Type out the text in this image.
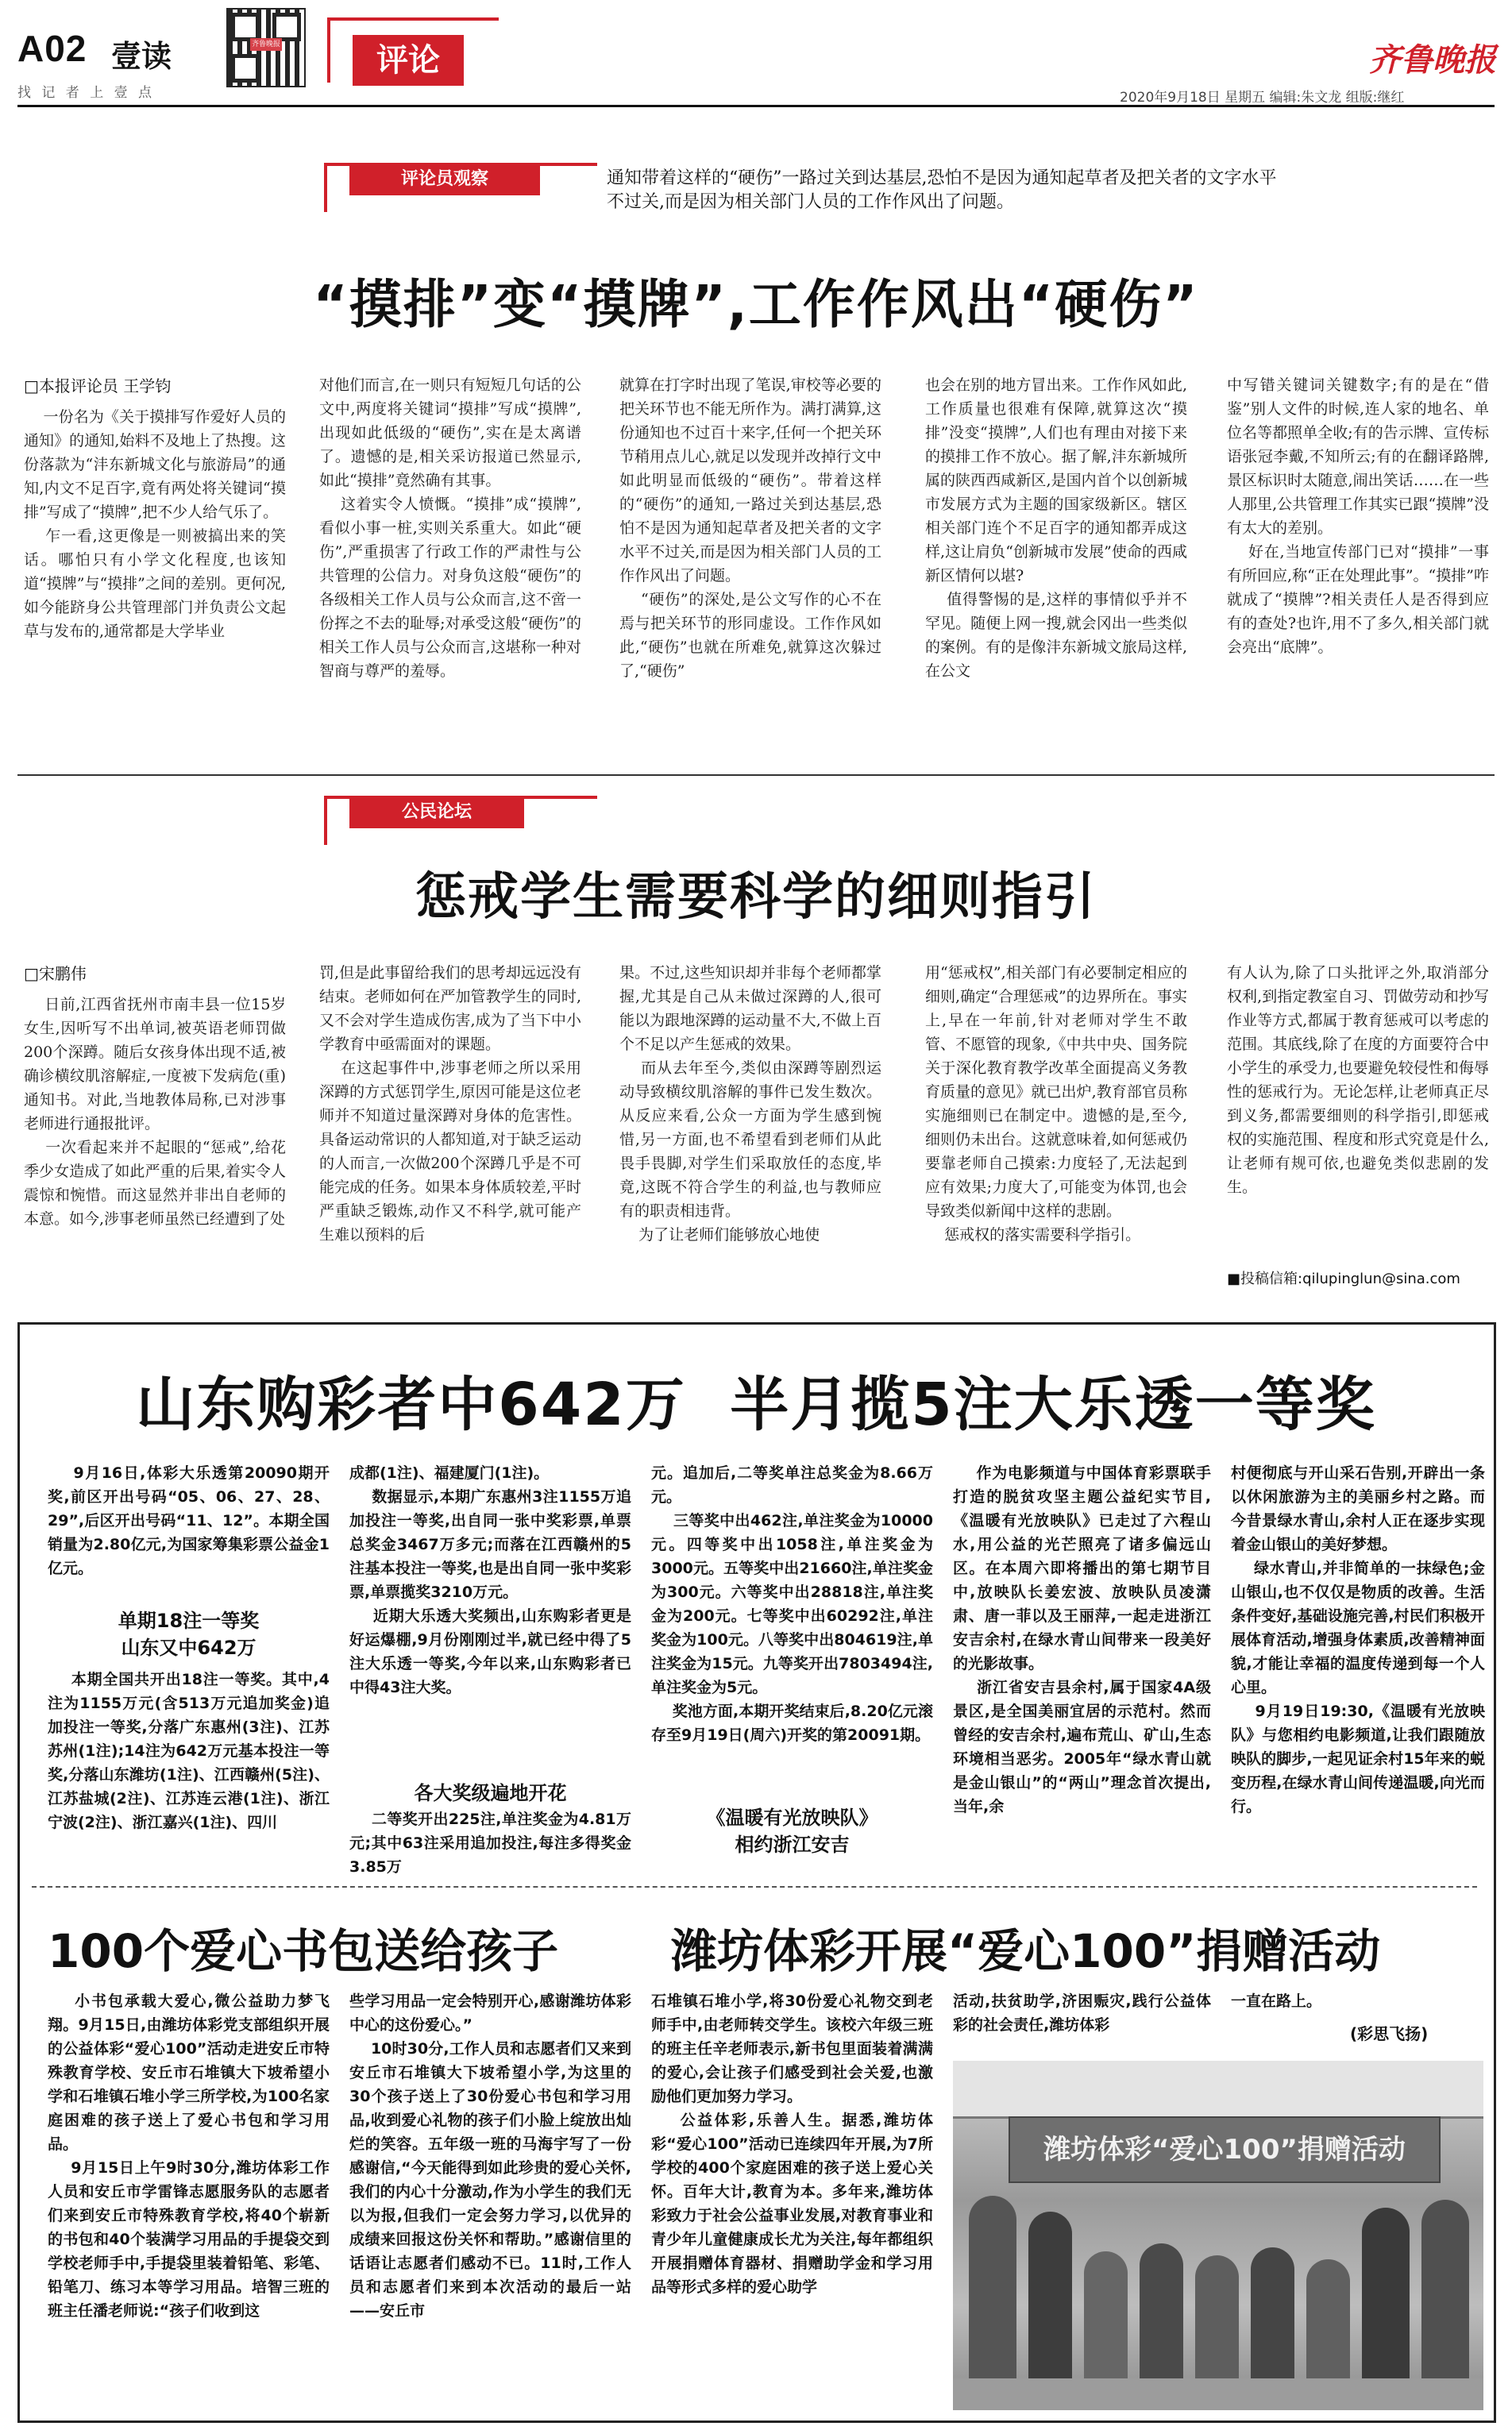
A02 壹读
找 记 者 上 壹 点
齐鲁晚报	评论	齐鲁晚报
2020年9月18日 星期五 编辑:朱文龙 组版:继红
评论员观察	通知带着这样的“硬伤”一路过关到达基层,恐怕不是因为通知起草者及把关者的文字水平不过关,而是因为相关部门人员的工作作风出了问题。
“摸排”变“摸牌”,工作作风出“硬伤”
□本报评论员 王学钧
一份名为《关于摸排写作爱好人员的通知》的通知,始料不及地上了热搜。这份落款为“沣东新城文化与旅游局”的通知,内文不足百字,竟有两处将关键词“摸排”写成了“摸牌”,把不少人给气乐了。
乍一看,这更像是一则被搞出来的笑话。哪怕只有小学文化程度,也该知道“摸牌”与“摸排”之间的差别。更何况,如今能跻身公共管理部门并负责公文起草与发布的,通常都是大学毕业
对他们而言,在一则只有短短几句话的公文中,两度将关键词“摸排”写成“摸牌”,出现如此低级的“硬伤”,实在是太离谱了。遗憾的是,相关采访报道已然显示,如此“摸排”竟然确有其事。
这着实令人愤慨。“摸排”成“摸牌”,看似小事一桩,实则关系重大。如此“硬伤”,严重损害了行政工作的严肃性与公共管理的公信力。对身负这般“硬伤”的各级相关工作人员与公众而言,这不啻一份挥之不去的耻辱;对承受这般“硬伤”的相关工作人员与公众而言,这堪称一种对智商与尊严的羞辱。
就算在打字时出现了笔误,审校等必要的把关环节也不能无所作为。满打满算,这份通知也不过百十来字,任何一个把关环节稍用点儿心,就足以发现并改掉行文中如此明显而低级的“硬伤”。带着这样的“硬伤”的通知,一路过关到达基层,恐怕不是因为通知起草者及把关者的文字水平不过关,而是因为相关部门人员的工作作风出了问题。
“硬伤”的深处,是公文写作的心不在焉与把关环节的形同虚设。工作作风如此,“硬伤”也就在所难免,就算这次躲过了,“硬伤”
也会在别的地方冒出来。工作作风如此,工作质量也很难有保障,就算这次“摸排”没变“摸牌”,人们也有理由对接下来的摸排工作不放心。据了解,沣东新城所属的陕西西咸新区,是国内首个以创新城市发展方式为主题的国家级新区。辖区相关部门连个不足百字的通知都弄成这样,这让肩负“创新城市发展”使命的西咸新区情何以堪?
值得警惕的是,这样的事情似乎并不罕见。随便上网一搜,就会冈出一些类似的案例。有的是像沣东新城文旅局这样,在公文
中写错关键词关键数字;有的是在“借鉴”别人文件的时候,连人家的地名、单位名等都照单全收;有的告示牌、宣传标语张冠李戴,不知所云;有的在翻译路牌,景区标识时太随意,闹出笑话……在一些人那里,公共管理工作其实已跟“摸牌”没有太大的差别。
好在,当地宣传部门已对“摸排”一事有所回应,称“正在处理此事”。“摸排”咋就成了“摸牌”?相关责任人是否得到应有的查处?也许,用不了多久,相关部门就会亮出“底牌”。
公民论坛
惩戒学生需要科学的细则指引
□宋鹏伟
日前,江西省抚州市南丰县一位15岁女生,因听写不出单词,被英语老师罚做200个深蹲。随后女孩身体出现不适,被确诊横纹肌溶解症,一度被下发病危(重)通知书。对此,当地教体局称,已对涉事老师进行通报批评。
一次看起来并不起眼的“惩戒”,给花季少女造成了如此严重的后果,着实令人震惊和惋惜。而这显然并非出自老师的本意。如今,涉事老师虽然已经遭到了处
罚,但是此事留给我们的思考却远远没有结束。老师如何在严加管教学生的同时,又不会对学生造成伤害,成为了当下中小学教育中亟需面对的课题。
在这起事件中,涉事老师之所以采用深蹲的方式惩罚学生,原因可能是这位老师并不知道过量深蹲对身体的危害性。具备运动常识的人都知道,对于缺乏运动的人而言,一次做200个深蹲几乎是不可能完成的任务。如果本身体质较差,平时严重缺乏锻炼,动作又不科学,就可能产生难以预料的后
果。不过,这些知识却并非每个老师都掌握,尤其是自己从未做过深蹲的人,很可能以为跟地深蹲的运动量不大,不做上百个不足以产生惩戒的效果。
而从去年至今,类似由深蹲等剧烈运动导致横纹肌溶解的事件已发生数次。从反应来看,公众一方面为学生感到惋惜,另一方面,也不希望看到老师们从此畏手畏脚,对学生们采取放任的态度,毕竟,这既不符合学生的利益,也与教师应有的职责相违背。
为了让老师们能够放心地使
用“惩戒权”,相关部门有必要制定相应的细则,确定“合理惩戒”的边界所在。事实上,早在一年前,针对老师对学生不敢管、不愿管的现象,《中共中央、国务院关于深化教育教学改革全面提高义务教育质量的意见》就已出炉,教育部官员称实施细则已在制定中。遗憾的是,至今,细则仍未出台。这就意味着,如何惩戒仍要靠老师自己摸索:力度轻了,无法起到应有效果;力度大了,可能变为体罚,也会导致类似新闻中这样的悲剧。
惩戒权的落实需要科学指引。
有人认为,除了口头批评之外,取消部分权利,到指定教室自习、罚做劳动和抄写作业等方式,都属于教育惩戒可以考虑的范围。其底线,除了在度的方面要符合中小学生的承受力,也要避免较侵性和侮辱性的惩戒行为。无论怎样,让老师真正尽到义务,都需要细则的科学指引,即惩戒权的实施范围、程度和形式究竟是什么,让老师有规可依,也避免类似悲剧的发生。
■投稿信箱:qilupinglun@sina.com
山东购彩者中642万  半月揽5注大乐透一等奖
9月16日,体彩大乐透第20090期开奖,前区开出号码“05、06、27、28、29”,后区开出号码“11、12”。本期全国销量为2.80亿元,为国家筹集彩票公益金1亿元。
单期18注一等奖
山东又中642万
本期全国共开出18注一等奖。其中,4注为1155万元(含513万元追加奖金)追加投注一等奖,分落广东惠州(3注)、江苏苏州(1注);14注为642万元基本投注一等奖,分落山东潍坊(1注)、江西赣州(5注)、江苏盐城(2注)、江苏连云港(1注)、浙江宁波(2注)、浙江嘉兴(1注)、四川
成都(1注)、福建厦门(1注)。
数据显示,本期广东惠州3注1155万追加投注一等奖,出自同一张中奖彩票,单票总奖金3467万多元;而落在江西赣州的5注基本投注一等奖,也是出自同一张中奖彩票,单票揽奖3210万元。
近期大乐透大奖频出,山东购彩者更是好运爆棚,9月份刚刚过半,就已经中得了5注大乐透一等奖,今年以来,山东购彩者已中得43注大奖。
各大奖级遍地开花
二等奖开出225注,单注奖金为4.81万元;其中63注采用追加投注,每注多得奖金3.85万
元。追加后,二等奖单注总奖金为8.66万元。
三等奖中出462注,单注奖金为10000元。四等奖中出1058注,单注奖金为3000元。五等奖中出21660注,单注奖金为300元。六等奖中出28818注,单注奖金为200元。七等奖中出60292注,单注奖金为100元。八等奖中出804619注,单注奖金为15元。九等奖开出7803494注,单注奖金为5元。
奖池方面,本期开奖结束后,8.20亿元滚存至9月19日(周六)开奖的第20091期。
《温暖有光放映队》
相约浙江安吉
作为电影频道与中国体育彩票联手打造的脱贫攻坚主题公益纪实节目,《温暖有光放映队》已走过了六程山水,用公益的光芒照亮了诸多偏远山区。在本周六即将播出的第七期节目中,放映队长姜宏波、放映队员凌潇肃、唐一菲以及王丽萍,一起走进浙江安吉余村,在绿水青山间带来一段美好的光影故事。
浙江省安吉县余村,属于国家4A级景区,是全国美丽宜居的示范村。然而曾经的安吉余村,遍布荒山、矿山,生态环境相当恶劣。2005年“绿水青山就是金山银山”的“两山”理念首次提出,当年,余
村便彻底与开山采石告别,开辟出一条以休闲旅游为主的美丽乡村之路。而今昔景绿水青山,余村人正在逐步实现着金山银山的美好梦想。
绿水青山,并非简单的一抹绿色;金山银山,也不仅仅是物质的改善。生活条件变好,基础设施完善,村民们积极开展体育活动,增强身体素质,改善精神面貌,才能让幸福的温度传递到每一个人心里。
9月19日19:30,《温暖有光放映队》与您相约电影频道,让我们跟随放映队的脚步,一起见证余村15年来的蜕变历程,在绿水青山间传递温暖,向光而行。
100个爱心书包送给孩子 潍坊体彩开展“爱心100”捐赠活动
小书包承载大爱心,微公益助力梦飞翔。9月15日,由潍坊体彩党支部组织开展的公益体彩“爱心100”活动走进安丘市特殊教育学校、安丘市石堆镇大下坡希望小学和石堆镇石堆小学三所学校,为100名家庭困难的孩子送上了爱心书包和学习用品。
9月15日上午9时30分,潍坊体彩工作人员和安丘市学雷锋志愿服务队的志愿者们来到安丘市特殊教育学校,将40个崭新的书包和40个装满学习用品的手提袋交到学校老师手中,手提袋里装着铅笔、彩笔、铅笔刀、练习本等学习用品。培智三班的班主任潘老师说:“孩子们收到这
些学习用品一定会特别开心,感谢潍坊体彩中心的这份爱心。”
10时30分,工作人员和志愿者们又来到安丘市石堆镇大下坡希望小学,为这里的30个孩子送上了30份爱心书包和学习用品,收到爱心礼物的孩子们小脸上绽放出灿烂的笑容。五年级一班的马海宇写了一份感谢信,“今天能得到如此珍贵的爱心关怀,我们的内心十分激动,作为小学生的我们无以为报,但我们一定会努力学习,以优异的成绩来回报这份关怀和帮助。”感谢信里的话语让志愿者们感动不已。11时,工作人员和志愿者们来到本次活动的最后一站——安丘市
石堆镇石堆小学,将30份爱心礼物交到老师手中,由老师转交学生。该校六年级三班的班主任辛老师表示,新书包里面装着满满的爱心,会让孩子们感受到社会关爱,也激励他们更加努力学习。
公益体彩,乐善人生。据悉,潍坊体彩“爱心100”活动已连续四年开展,为7所学校的400个家庭困难的孩子送上爱心关怀。百年大计,教育为本。多年来,潍坊体彩致力于社会公益事业发展,对教育事业和青少年儿童健康成长尤为关注,每年都组织开展捐赠体育器材、捐赠助学金和学习用品等形式多样的爱心助学
活动,扶贫助学,济困赈灾,践行公益体彩的社会责任,潍坊体彩
一直在路上。
(彩思飞扬)
潍坊体彩“爱心100”捐赠活动
